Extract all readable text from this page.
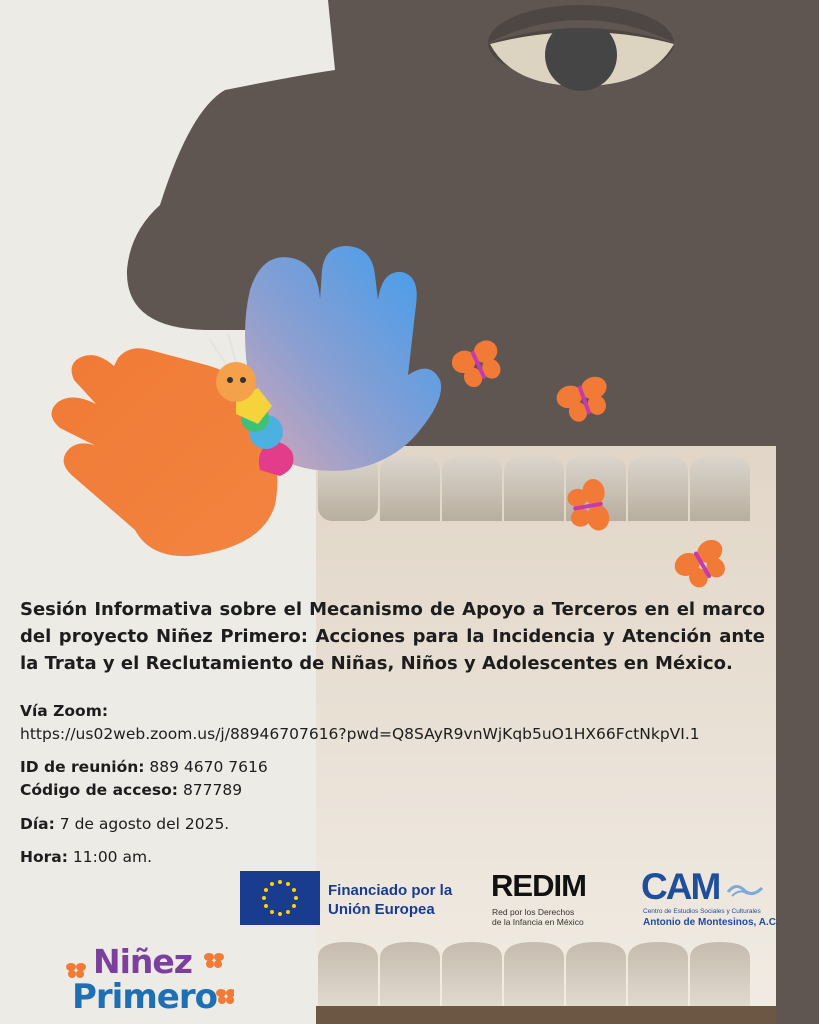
Sesión Informativa sobre el Mecanismo de Apoyo a Terceros en el marco del proyecto Niñez Primero: Acciones para la Incidencia y Atención ante la Trata y el Reclutamiento de Niñas, Niños y Adolescentes en México.

Vía Zoom:
https://us02web.zoom.us/j/88946707616?pwd=Q8SAyR9vnWjKqb5uO1HX66FctNkpVI.1
ID de reunión: 889 4670 7616
Código de acceso: 877789
Día: 7 de agosto del 2025.
Hora: 11:00 am.
Financiado por la
Unión Europea
REDIM
Red por los Derechos
de la Infancia en México
CAM
Centro de Estudios Sociales y Culturales
Antonio de Montesinos, A.C.
Niñez
Primero
